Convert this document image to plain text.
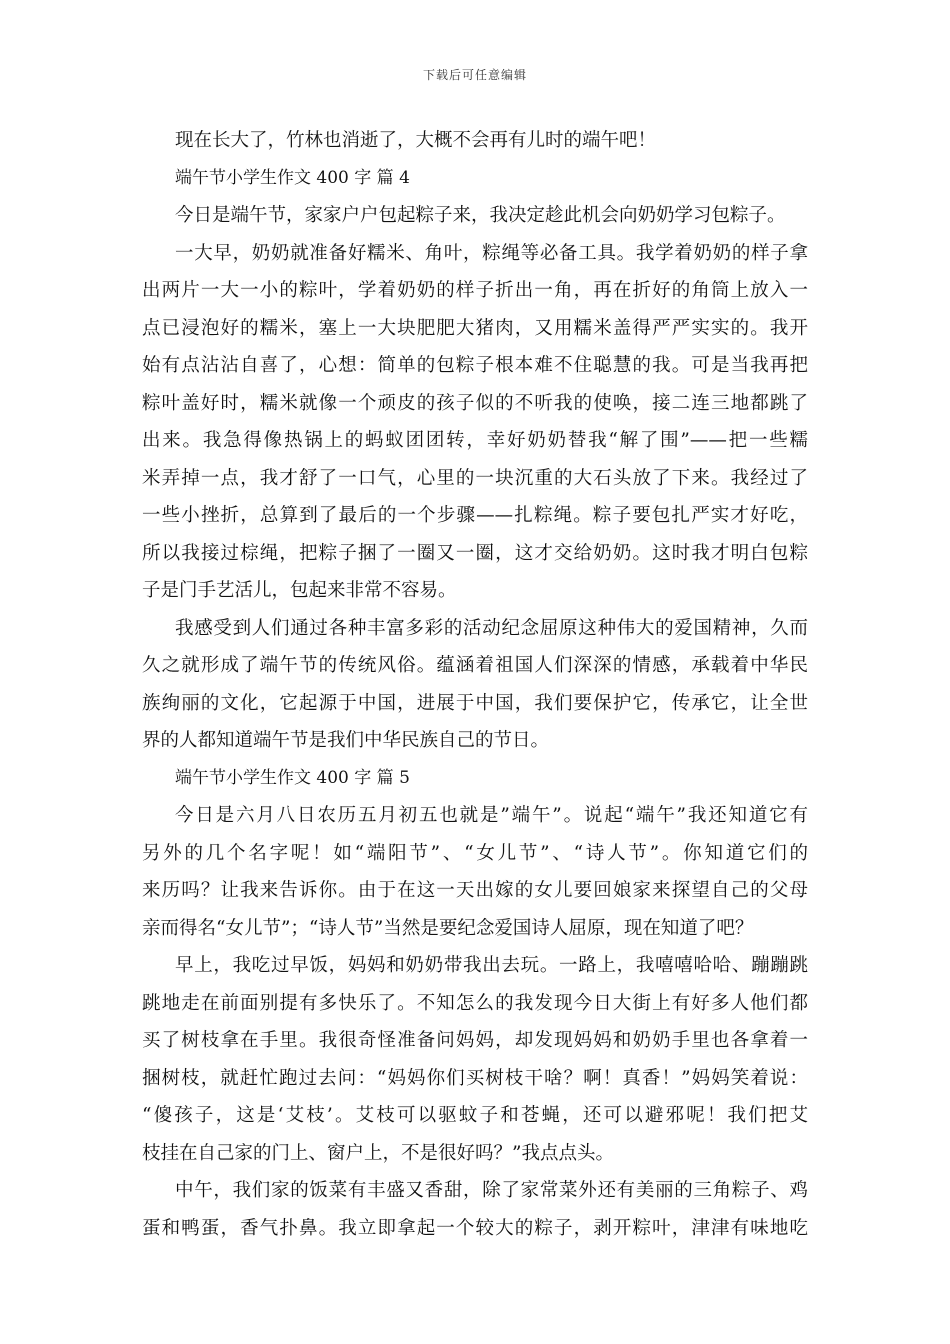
下载后可任意编辑
现在长大了，竹林也消逝了，大概不会再有儿时的端午吧！
端午节小学生作文 400 字 篇 4
今日是端午节，家家户户包起粽子来，我决定趁此机会向奶奶学习包粽子。
一大早，奶奶就准备好糯米、角叶，粽绳等必备工具。我学着奶奶的样子拿
出两片一大一小的粽叶，学着奶奶的样子折出一角，再在折好的角筒上放入一
点已浸泡好的糯米，塞上一大块肥肥大猪肉，又用糯米盖得严严实实的。我开
始有点沾沾自喜了，心想：简单的包粽子根本难不住聪慧的我。可是当我再把
粽叶盖好时，糯米就像一个顽皮的孩子似的不听我的使唤，接二连三地都跳了
出来。我急得像热锅上的蚂蚁团团转，幸好奶奶替我“解了围”——把一些糯
米弄掉一点，我才舒了一口气，心里的一块沉重的大石头放了下来。我经过了
一些小挫折，总算到了最后的一个步骤——扎粽绳。粽子要包扎严实才好吃，
所以我接过棕绳，把粽子捆了一圈又一圈，这才交给奶奶。这时我才明白包粽
子是门手艺活儿，包起来非常不容易。
我感受到人们通过各种丰富多彩的活动纪念屈原这种伟大的爱国精神，久而
久之就形成了端午节的传统风俗。蕴涵着祖国人们深深的情感，承载着中华民
族绚丽的文化，它起源于中国，进展于中国，我们要保护它，传承它，让全世
界的人都知道端午节是我们中华民族自己的节日。
端午节小学生作文 400 字 篇 5
今日是六月八日农历五月初五也就是”端午”。说起“端午”我还知道它有
另外的几个名字呢！如“端阳节”、“女儿节”、“诗人节”。你知道它们的
来历吗？让我来告诉你。由于在这一天出嫁的女儿要回娘家来探望自己的父母
亲而得名“女儿节”；“诗人节”当然是要纪念爱国诗人屈原，现在知道了吧？
早上，我吃过早饭，妈妈和奶奶带我出去玩。一路上，我嘻嘻哈哈、蹦蹦跳
跳地走在前面别提有多快乐了。不知怎么的我发现今日大街上有好多人他们都
买了树枝拿在手里。我很奇怪准备问妈妈，却发现妈妈和奶奶手里也各拿着一
捆树枝，就赶忙跑过去问：“妈妈你们买树枝干啥？啊！真香！”妈妈笑着说：
“傻孩子，这是‘艾枝’。艾枝可以驱蚊子和苍蝇，还可以避邪呢！我们把艾
枝挂在自己家的门上、窗户上，不是很好吗？”我点点头。
中午，我们家的饭菜有丰盛又香甜，除了家常菜外还有美丽的三角粽子、鸡
蛋和鸭蛋，香气扑鼻。我立即拿起一个较大的粽子，剥开粽叶，津津有味地吃
